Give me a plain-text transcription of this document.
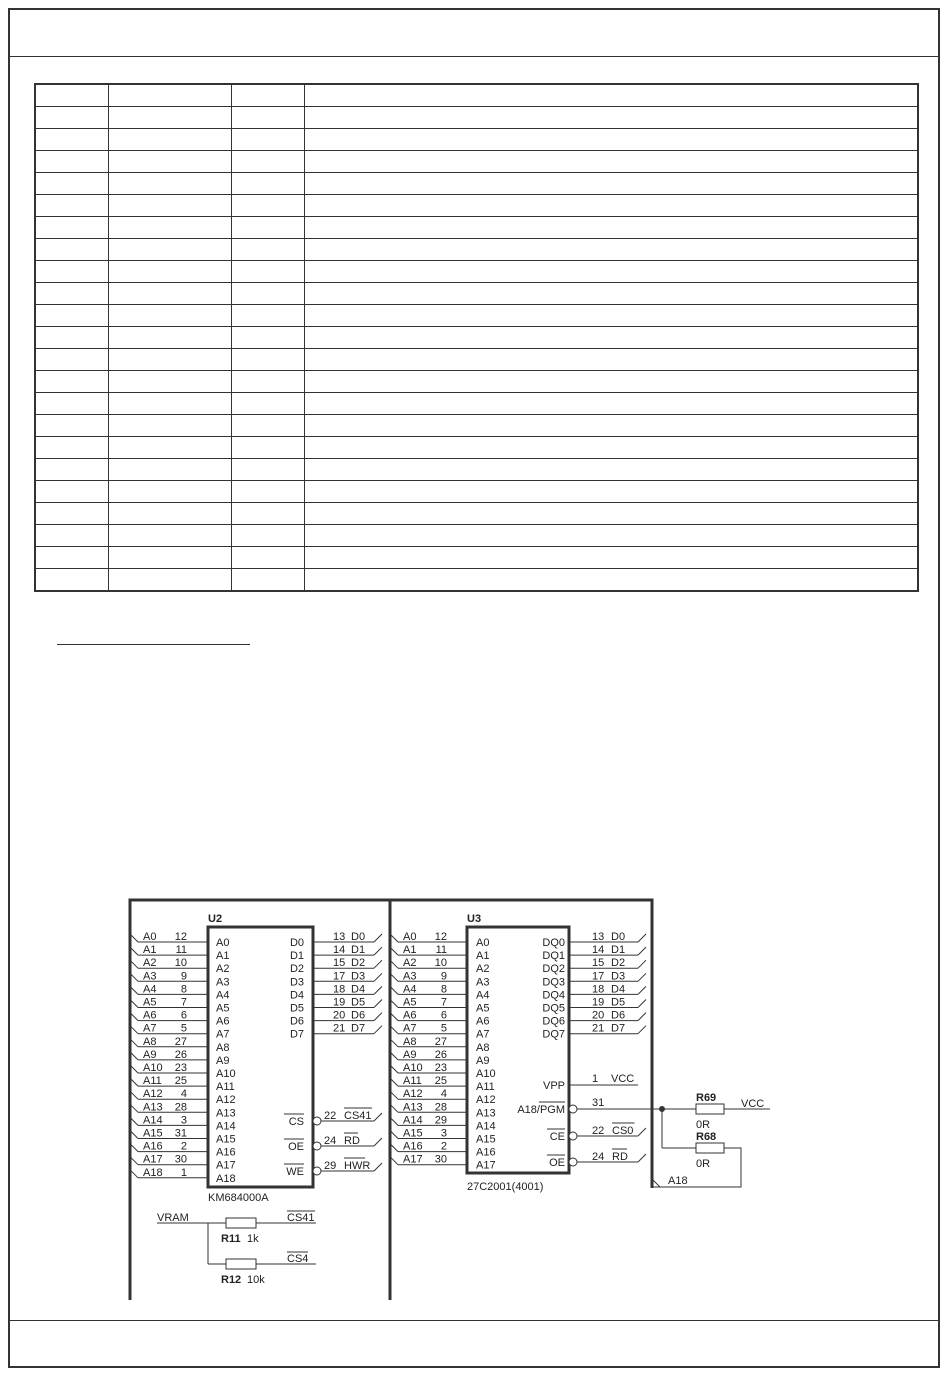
U2
KM684000A
U3
27C2001(4001)
A0 12	A0
A1 11	A1
A2 10	A2
A3 9	A3
A4 8	A4
A5 7	A5
A6 6	A6
A7 5	A7
A8 27	A8
A9 26	A9
A10 23	A10
A11 25	A11
A12 4	A12
A13 28	A13
A14 3	A14
A15 31	A15
A16 2	A16
A17 30	A17
A18 1	A18
D0	13 D0
D1	14 D1
D2	15 D2
D3	17 D3
D4	18 D4
D5	19 D5
D6	20 D6
D7	21 D7
CS 22 CS41
OE 24 RD
WE 29 HWR
A0 12	A0
A1 11	A1
A2 10	A2
A3 9	A3
A4 8	A4
A5 7	A5
A6 6	A6
A7 5	A7
A8 27	A8
A9 26	A9
A10 23	A10
A11 25	A11
A12 4	A12
A13 28	A13
A14 29	A14
A15 3	A15
A16 2	A16
A17 30	A17
DQ0 13 D0
DQ1 14 D1
DQ2 15 D2
DQ3 17 D3
DQ4 18 D4
DQ5 19 D5
DQ6 20 D6
DQ7 21 D7
VPP
1 VCC
A18/PGM
31
CE 22 CS0
OE 24 RD
R69
0R
VCC
R68
0R
A18
VRAM	CS41
R11 1k
CS4
R12 10k
